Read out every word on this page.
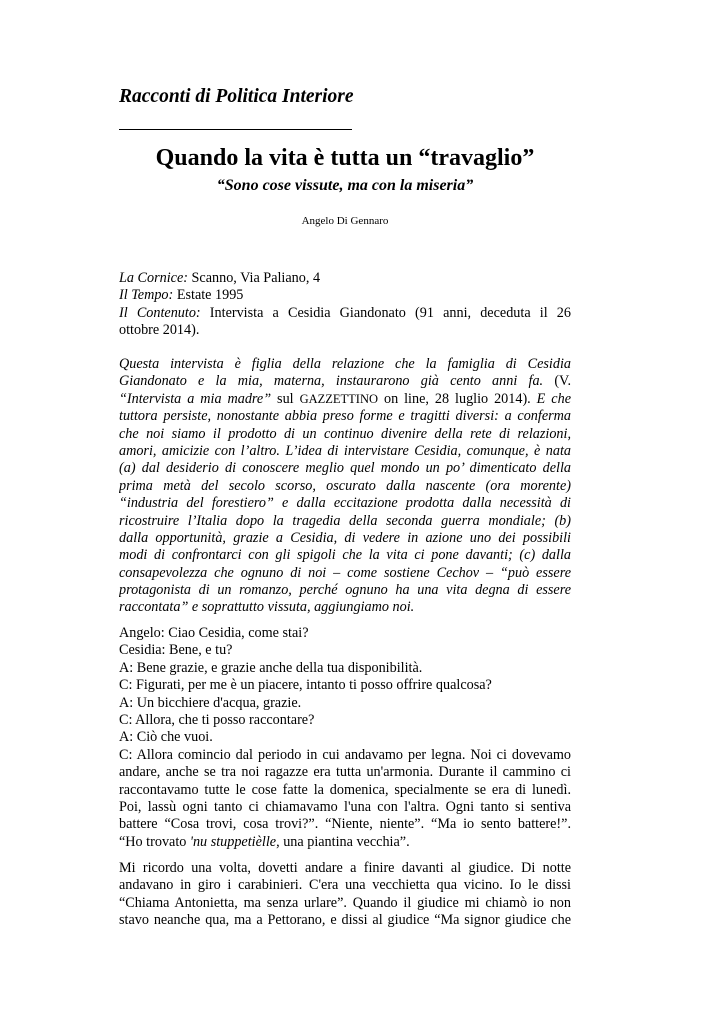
Racconti di Politica Interiore
Quando la vita è tutta un “travaglio”
“Sono cose vissute, ma con la miseria”
Angelo Di Gennaro
La Cornice: Scanno, Via Paliano, 4
Il Tempo: Estate 1995
Il Contenuto: Intervista a Cesidia Giandonato (91 anni, deceduta il 26
ottobre 2014).
Questa intervista è figlia della relazione che la famiglia di Cesidia
Giandonato e la mia, materna, instaurarono già cento anni fa. (V.
“Intervista a mia madre” sul GAZZETTINO on line, 28 luglio 2014). E che
tuttora persiste, nonostante abbia preso forme e tragitti diversi: a conferma
che noi siamo il prodotto di un continuo divenire della rete di relazioni,
amori, amicizie con l’altro. L’idea di intervistare Cesidia, comunque, è nata
(a) dal desiderio di conoscere meglio quel mondo un po’ dimenticato della
prima metà del secolo scorso, oscurato dalla nascente (ora morente)
“industria del forestiero” e dalla eccitazione prodotta dalla necessità di
ricostruire l’Italia dopo la tragedia della seconda guerra mondiale; (b)
dalla opportunità, grazie a Cesidia, di vedere in azione uno dei possibili
modi di confrontarci con gli spigoli che la vita ci pone davanti; (c) dalla
consapevolezza che ognuno di noi – come sostiene Cechov – “può essere
protagonista di un romanzo, perché ognuno ha una vita degna di essere
raccontata” e soprattutto vissuta, aggiungiamo noi.
Angelo: Ciao Cesidia, come stai?
Cesidia: Bene, e tu?
A: Bene grazie, e grazie anche della tua disponibilità.
C: Figurati, per me è un piacere, intanto ti posso offrire qualcosa?
A: Un bicchiere d'acqua, grazie.
C: Allora, che ti posso raccontare?
A: Ciò che vuoi.
C: Allora comincio dal periodo in cui andavamo per legna. Noi ci dovevamo
andare, anche se tra noi ragazze era tutta un'armonia. Durante il cammino ci
raccontavamo tutte le cose fatte la domenica, specialmente se era di lunedì.
Poi, lassù ogni tanto ci chiamavamo l'una con l'altra. Ogni tanto si sentiva
battere “Cosa trovi, cosa trovi?”. “Niente, niente”. “Ma io sento battere!”.
“Ho trovato 'nu stuppetièlle, una piantina vecchia”.
Mi ricordo una volta, dovetti andare a finire davanti al giudice. Di notte
andavano in giro i carabinieri. C'era una vecchietta qua vicino. Io le dissi
“Chiama Antonietta, ma senza urlare”. Quando il giudice mi chiamò io non
stavo neanche qua, ma a Pettorano, e dissi al giudice “Ma signor giudice che
